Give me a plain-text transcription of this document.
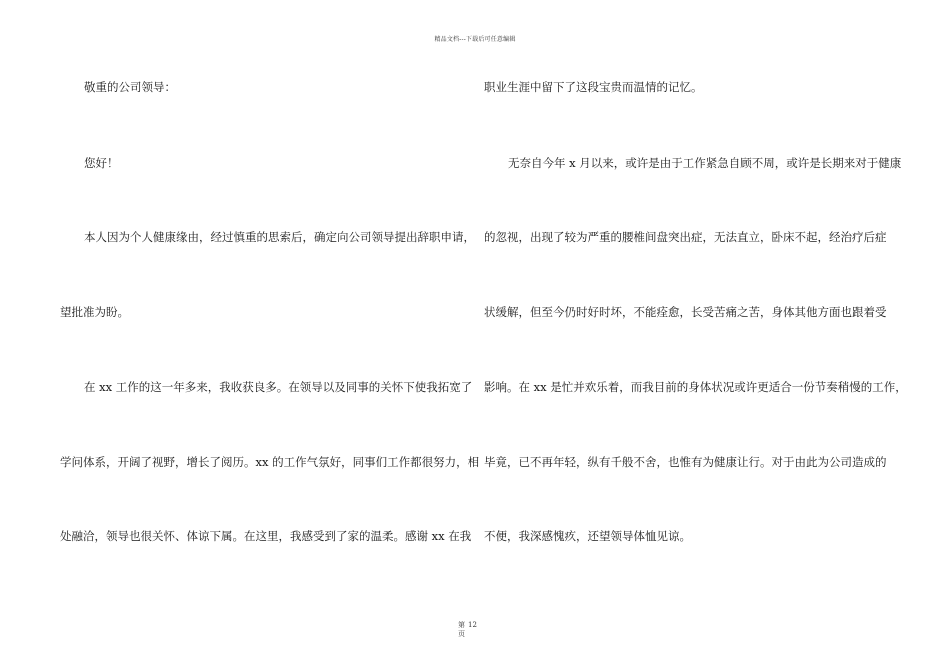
精品文档---下载后可任意编辑
敬重的公司领导：
您好！
本人因为个人健康缘由，经过慎重的思索后，确定向公司领导提出辞职申请，
望批准为盼。
在 xx 工作的这一年多来，我收获良多。在领导以及同事的关怀下使我拓宽了
学问体系，开阔了视野，增长了阅历。xx 的工作气氛好，同事们工作都很努力，相
处融洽，领导也很关怀、体谅下属。在这里，我感受到了家的温柔。感谢 xx 在我
职业生涯中留下了这段宝贵而温情的记忆。
无奈自今年 x 月以来，或许是由于工作紧急自顾不周，或许是长期来对于健康
的忽视，出现了较为严重的腰椎间盘突出症，无法直立，卧床不起，经治疗后症
状缓解，但至今仍时好时坏，不能痊愈，长受苦痛之苦，身体其他方面也跟着受
影响。在 xx 是忙并欢乐着，而我目前的身体状况或许更适合一份节奏稍慢的工作，
毕竟，已不再年轻，纵有千般不舍，也惟有为健康让行。对于由此为公司造成的
不便，我深感愧疚，还望领导体恤见谅。
第 12
页
